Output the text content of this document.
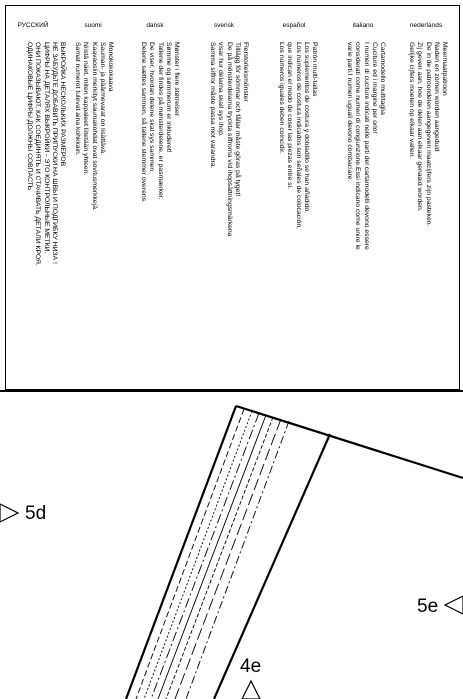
nederlands
italiano
español
svensk
dansk
suomi
РУССКИЙ
Meermaatpatroon
Naden en zomen worden aangeduid
De in de patroondelen aangegeven maatcijfers zijn pasteken.
Zij geven aan, hoe de delen aan elkaar genaaid worden.
Gelijke cijfers moeten op elkaar vallen.
Cartamodello multitaglia
Cuciture ed i margine per orlo!
I numeri di cuciture indicati nelle parti del cartamodelli devono essere
considerati come numeri di congiunzione.Essi indicano come unire le
varie parti.I numeri uguali devono combaciare.
Patrón multi-tallas
Los suplementos de costura y dobladillo se han añadido.
Los números de costura indicados son señales de colocación,
que indican el modo de coser las piezas entre sí.
Los números iguales deben coincidir.
Flerstorleksmönster
Tilllägg för sömmar och fållar måste göras på tyget!
De på mönsterdelarna tryckta siffrorna vid ihopsättningsmärkena
visar hur delarna skall sys ihop.
Samma siffror måste passa mot varandra.
Mønster i flere størrelser
Sømme og sømmerum er inkluderet!
Tallene der findes på mønsterdelene, er pasmærker.
De viser, hvordan delene skal sys sammen.
Delene sættes sammen, så tallene stemmer overens.
Monokokokaava
Sauman- ja päärmevarat on lisättävä.
Kaavaosiin merkityt saumakohdat ovat sovitusmerkkejä.
Niistä näet, miten kappaleet liitetään yhteen.
Samat numerot tulevat aina kohkkain.
ВЫКРОЙКА НЕСКОЛЬКИХ РАЗМЕРОВ
НЕ ЗАБУДЬТЕ ДОБАВИТЬ ПРИПУСКИ НА ШВЫ И ПОДГИБКУ НИЗА !
ЦИФРЫ НА ДЕТАЛЯХ ВЫКРОЙКИ - ЭТО КОНТРОЛЬНЫЕ МЕТКИ.
ОНИ ПОКАЗЫВАЮТ, КАК СОЕДИНЯТЬ И СТАЧИВАТЬ ДЕТАЛИ КРОЯ.
ОДИНАКОВЫЕ ЦИФРЫ ДОЛЖНЫ СОВПАСТЬ
5d
5e
4e
